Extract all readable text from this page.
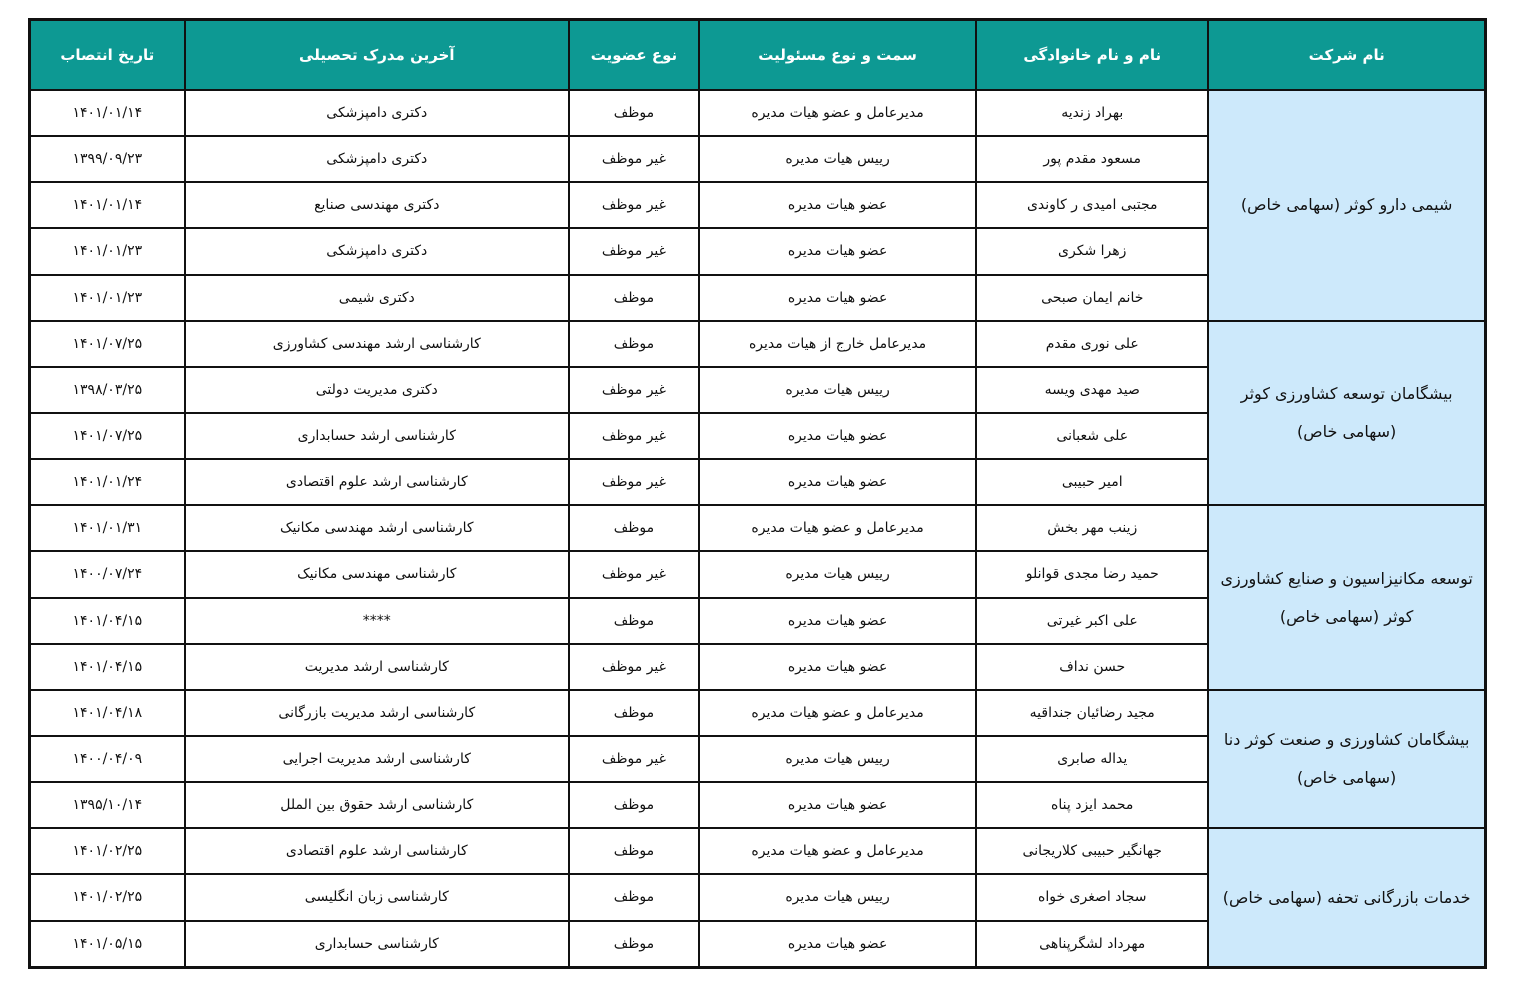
نام شرکت	نام و نام خانوادگی	سمت و نوع مسئولیت	نوع عضویت	آخرین مدرک تحصیلی	تاریخ انتصاب
شیمی دارو کوثر (سهامی خاص)	بهراد زندیه	مدیرعامل و عضو هیات مدیره	موظف	دکتری دامپزشکی	۱۴۰۱/۰۱/۱۴
	مسعود مقدم پور	رییس هیات مدیره	غیر موظف	دکتری دامپزشکی	۱۳۹۹/۰۹/۲۳
	مجتبی امیدی ر کاوندی	عضو هیات مدیره	غیر موظف	دکتری مهندسی صنایع	۱۴۰۱/۰۱/۱۴
	زهرا شکری	عضو هیات مدیره	غیر موظف	دکتری دامپزشکی	۱۴۰۱/۰۱/۲۳
	خانم ایمان صبحی	عضو هیات مدیره	موظف	دکتری شیمی	۱۴۰۱/۰۱/۲۳
بیشگامان توسعه کشاورزی کوثر (سهامی خاص)	علی نوری مقدم	مدیرعامل خارج از هیات مدیره	موظف	کارشناسی ارشد مهندسی کشاورزی	۱۴۰۱/۰۷/۲۵
	صید مهدی ویسه	رییس هیات مدیره	غیر موظف	دکتری مدیریت دولتی	۱۳۹۸/۰۳/۲۵
	علی شعبانی	عضو هیات مدیره	غیر موظف	کارشناسی ارشد حسابداری	۱۴۰۱/۰۷/۲۵
	امیر حبیبی	عضو هیات مدیره	غیر موظف	کارشناسی ارشد علوم اقتصادی	۱۴۰۱/۰۱/۲۴
توسعه مکانیزاسیون و صنایع کشاورزی کوثر (سهامی خاص)	زینب مهر بخش	مدیرعامل و عضو هیات مدیره	موظف	کارشناسی ارشد مهندسی مکانیک	۱۴۰۱/۰۱/۳۱
	حمید رضا مجدی قوانلو	رییس هیات مدیره	غیر موظف	کارشناسی مهندسی مکانیک	۱۴۰۰/۰۷/۲۴
	علی اکبر غیرتی	عضو هیات مدیره	موظف	****	۱۴۰۱/۰۴/۱۵
	حسن نداف	عضو هیات مدیره	غیر موظف	کارشناسی ارشد مدیریت	۱۴۰۱/۰۴/۱۵
بیشگامان کشاورزی و صنعت کوثر دنا (سهامی خاص)	مجید رضائیان جنداقیه	مدیرعامل و عضو هیات مدیره	موظف	کارشناسی ارشد مدیریت بازرگانی	۱۴۰۱/۰۴/۱۸
	یداله صابری	رییس هیات مدیره	غیر موظف	کارشناسی ارشد مدیریت اجرایی	۱۴۰۰/۰۴/۰۹
	محمد ایزد پناه	عضو هیات مدیره	موظف	کارشناسی ارشد حقوق بین الملل	۱۳۹۵/۱۰/۱۴
خدمات بازرگانی تحفه (سهامی خاص)	جهانگیر حبیبی کلاریجانی	مدیرعامل و عضو هیات مدیره	موظف	کارشناسی ارشد علوم اقتصادی	۱۴۰۱/۰۲/۲۵
	سجاد اصغری خواه	رییس هیات مدیره	موظف	کارشناسی زبان انگلیسی	۱۴۰۱/۰۲/۲۵
	مهرداد لشگرپناهی	عضو هیات مدیره	موظف	کارشناسی حسابداری	۱۴۰۱/۰۵/۱۵
